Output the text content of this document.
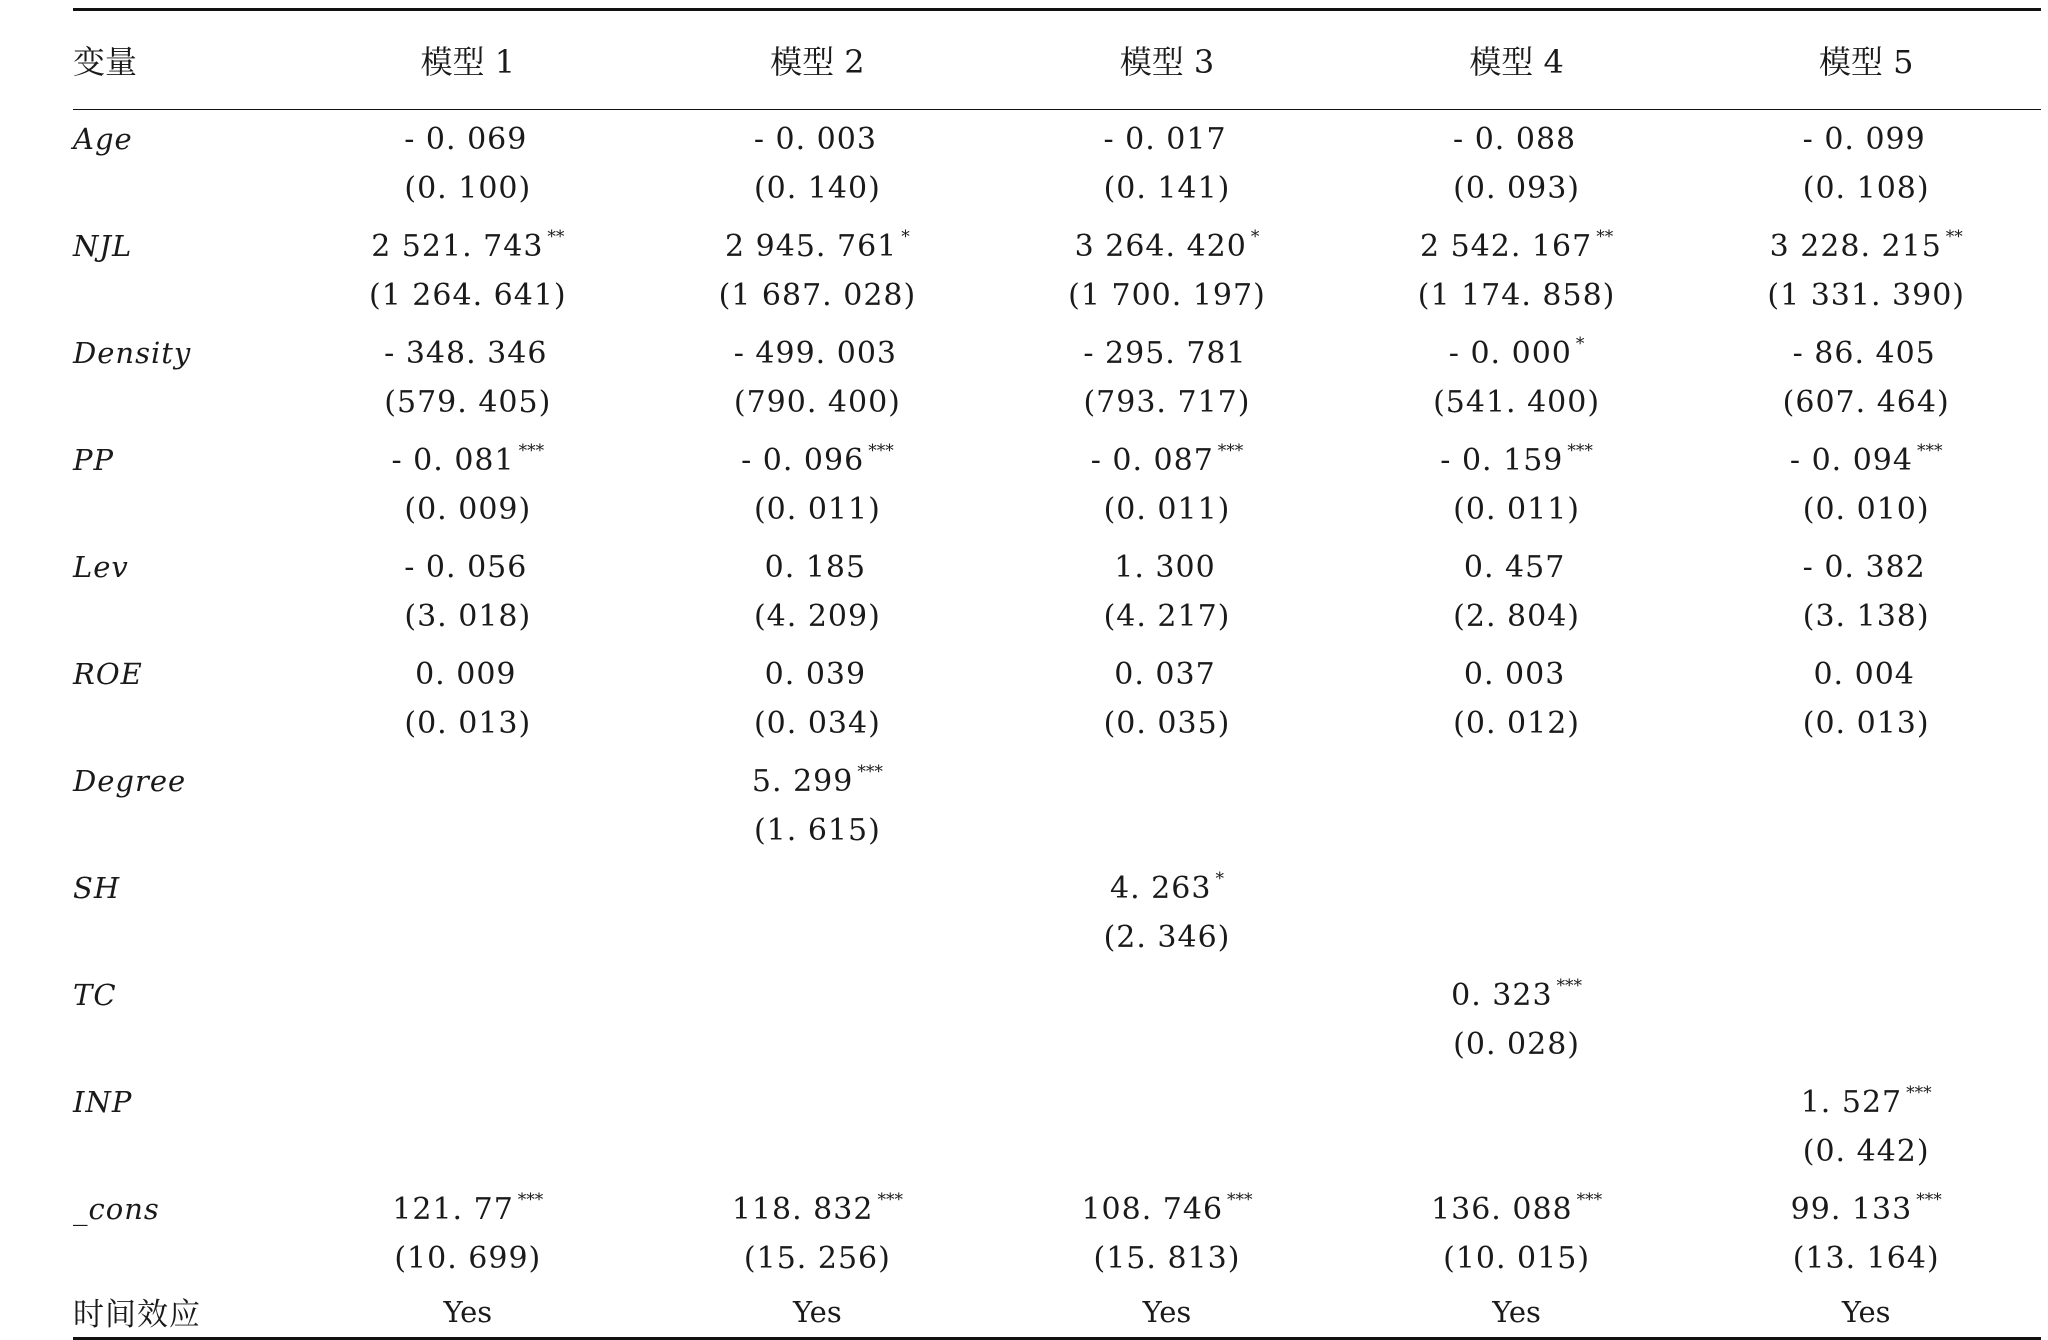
变量	模型 1	模型 2	模型 3	模型 4	模型 5
Age	- 0. 069	- 0. 003	- 0. 017	- 0. 088	- 0. 099
	(0. 100)	(0. 140)	(0. 141)	(0. 093)	(0. 108)
NJL	2 521. 743 **	2 945. 761 *	3 264. 420 *	2 542. 167 **	3 228. 215 **
	(1 264. 641)	(1 687. 028)	(1 700. 197)	(1 174. 858)	(1 331. 390)
Density	- 348. 346	- 499. 003	- 295. 781	- 0. 000 *	- 86. 405
	(579. 405)	(790. 400)	(793. 717)	(541. 400)	(607. 464)
PP	- 0. 081 ***	- 0. 096 ***	- 0. 087 ***	- 0. 159 ***	- 0. 094 ***
	(0. 009)	(0. 011)	(0. 011)	(0. 011)	(0. 010)
Lev	- 0. 056	0. 185	1. 300	0. 457	- 0. 382
	(3. 018)	(4. 209)	(4. 217)	(2. 804)	(3. 138)
ROE	0. 009	0. 039	0. 037	0. 003	0. 004
	(0. 013)	(0. 034)	(0. 035)	(0. 012)	(0. 013)
Degree		5. 299 ***			
		(1. 615)			
SH			4. 263 *		
			(2. 346)		
TC				0. 323 ***	
				(0. 028)	
INP					1. 527 ***
					(0. 442)
_cons	121. 77 ***	118. 832 ***	108. 746 ***	136. 088 ***	99. 133 ***
	(10. 699)	(15. 256)	(15. 813)	(10. 015)	(13. 164)
时间效应	Yes	Yes	Yes	Yes	Yes
